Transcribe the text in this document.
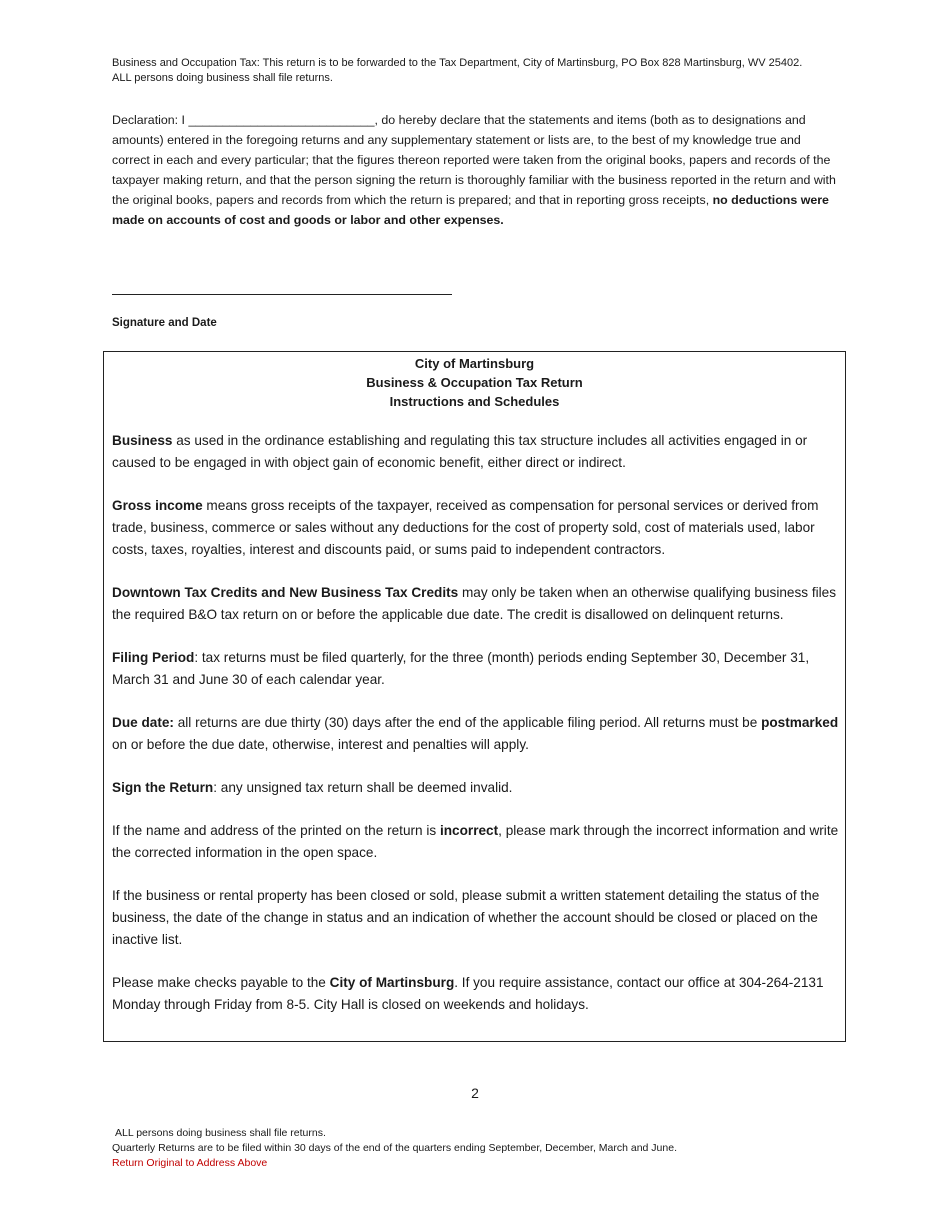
Business and Occupation Tax: This return is to be forwarded to the Tax Department, City of Martinsburg, PO Box 828 Martinsburg, WV 25402.
ALL persons doing business shall file returns.
Declaration: I ___________________________, do hereby declare that the statements and items (both as to designations and amounts) entered in the foregoing returns and any supplementary statement or lists are, to the best of my knowledge true and correct in each and every particular; that the figures thereon reported were taken from the original books, papers and records of the taxpayer making return, and that the person signing the return is thoroughly familiar with the business reported in the return and with the original books, papers and records from which the return is prepared; and that in reporting gross receipts, no deductions were made on accounts of cost and goods or labor and other expenses.
Signature and Date
City of Martinsburg
Business & Occupation Tax Return
Instructions and Schedules

Business as used in the ordinance establishing and regulating this tax structure includes all activities engaged in or caused to be engaged in with object gain of economic benefit, either direct or indirect.

Gross income means gross receipts of the taxpayer, received as compensation for personal services or derived from trade, business, commerce or sales without any deductions for the cost of property sold, cost of materials used, labor costs, taxes, royalties, interest and discounts paid, or sums paid to independent contractors.

Downtown Tax Credits and New Business Tax Credits may only be taken when an otherwise qualifying business files the required B&O tax return on or before the applicable due date. The credit is disallowed on delinquent returns.

Filing Period: tax returns must be filed quarterly, for the three (month) periods ending September 30, December 31, March 31 and June 30 of each calendar year.

Due date: all returns are due thirty (30) days after the end of the applicable filing period. All returns must be postmarked on or before the due date, otherwise, interest and penalties will apply.

Sign the Return: any unsigned tax return shall be deemed invalid.

If the name and address of the printed on the return is incorrect, please mark through the incorrect information and write the corrected information in the open space.

If the business or rental property has been closed or sold, please submit a written statement detailing the status of the business, the date of the change in status and an indication of whether the account should be closed or placed on the inactive list.

Please make checks payable to the City of Martinsburg. If you require assistance, contact our office at 304-264-2131 Monday through Friday from 8-5. City Hall is closed on weekends and holidays.

2
ALL persons doing business shall file returns.
Quarterly Returns are to be filed within 30 days of the end of the quarters ending September, December, March and June.
Return Original to Address Above
